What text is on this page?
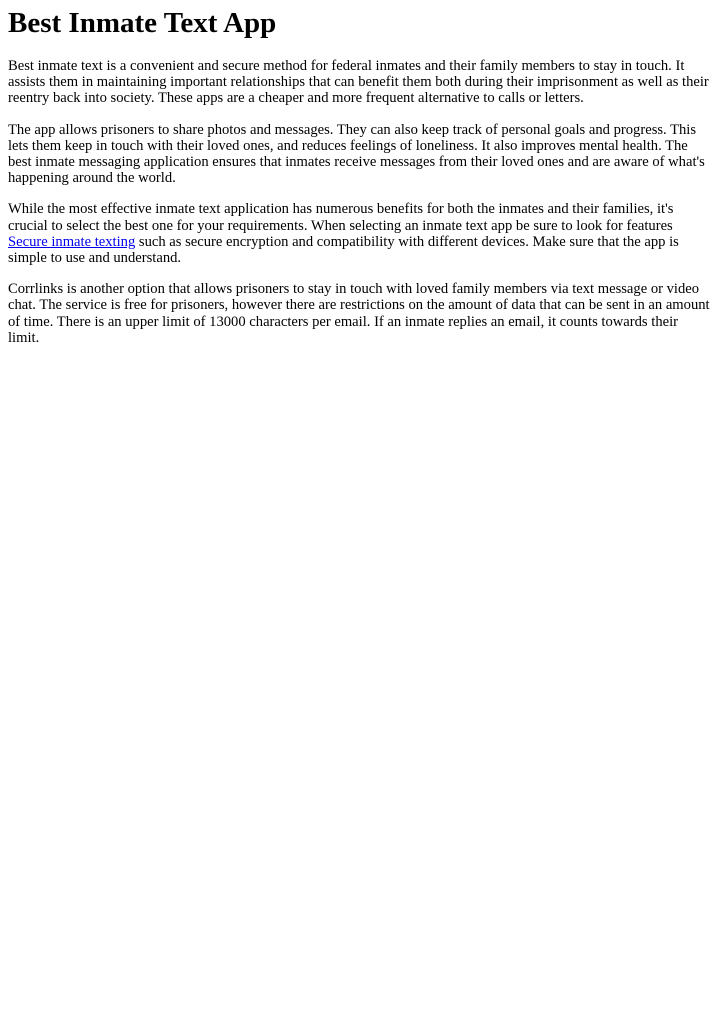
Best Inmate Text App

Best inmate text is a convenient and secure method for federal inmates and their family members to stay in touch. It assists them in maintaining important relationships that can benefit them both during their imprisonment as well as their reentry back into society. These apps are a cheaper and more frequent alternative to calls or letters.

The app allows prisoners to share photos and messages. They can also keep track of personal goals and progress. This lets them keep in touch with their loved ones, and reduces feelings of loneliness. It also improves mental health. The best inmate messaging application ensures that inmates receive messages from their loved ones and are aware of what's happening around the world.

While the most effective inmate text application has numerous benefits for both the inmates and their families, it's crucial to select the best one for your requirements. When selecting an inmate text app be sure to look for features Secure inmate texting such as secure encryption and compatibility with different devices. Make sure that the app is simple to use and understand.

Corrlinks is another option that allows prisoners to stay in touch with loved family members via text message or video chat. The service is free for prisoners, however there are restrictions on the amount of data that can be sent in an amount of time. There is an upper limit of 13000 characters per email. If an inmate replies an email, it counts towards their limit.
